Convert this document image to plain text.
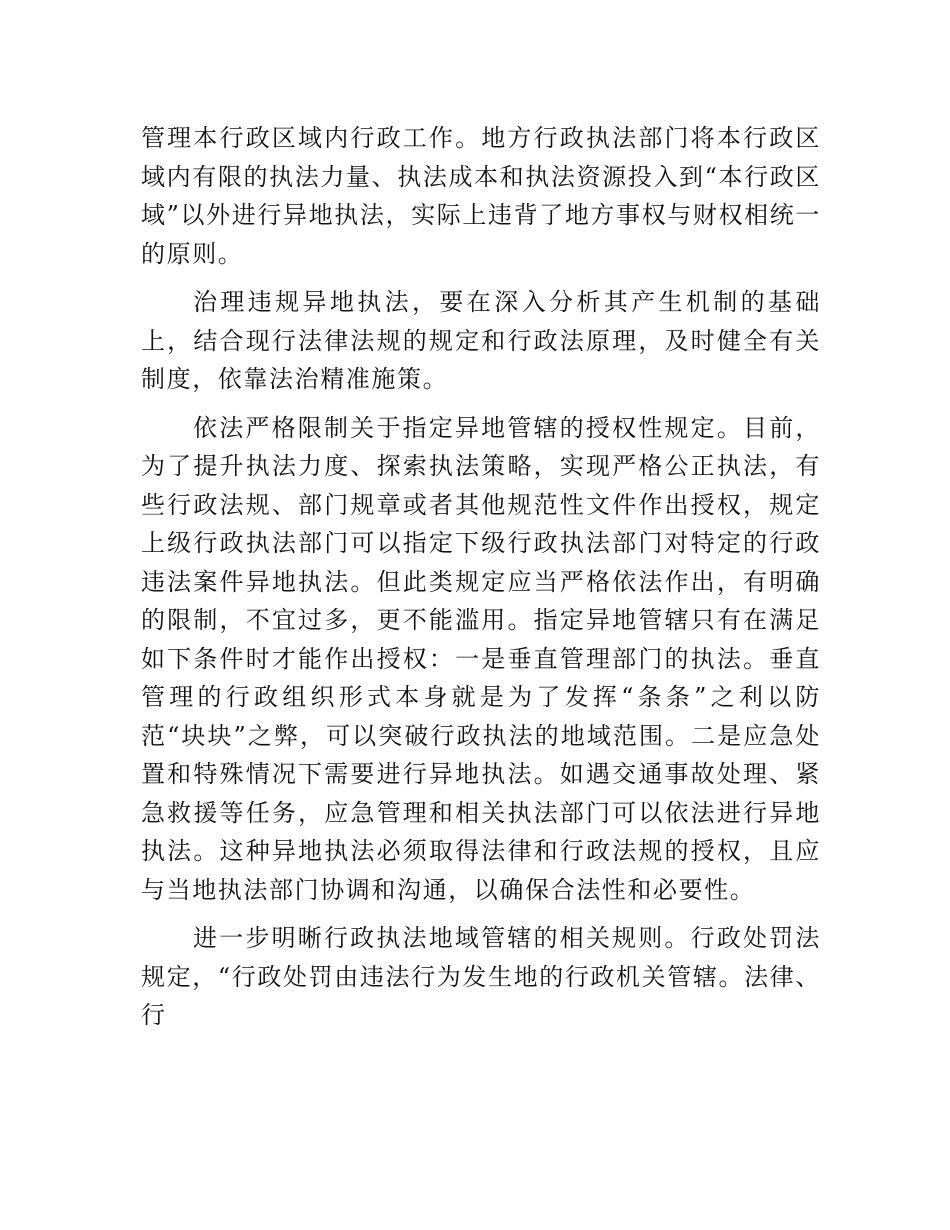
管理本行政区域内行政工作。地方行政执法部门将本行政区域内有限的执法力量、执法成本和执法资源投入到“本行政区域”以外进行异地执法，实际上违背了地方事权与财权相统一的原则。

治理违规异地执法，要在深入分析其产生机制的基础上，结合现行法律法规的规定和行政法原理，及时健全有关制度，依靠法治精准施策。

依法严格限制关于指定异地管辖的授权性规定。目前，为了提升执法力度、探索执法策略，实现严格公正执法，有些行政法规、部门规章或者其他规范性文件作出授权，规定上级行政执法部门可以指定下级行政执法部门对特定的行政违法案件异地执法。但此类规定应当严格依法作出，有明确的限制，不宜过多，更不能滥用。指定异地管辖只有在满足如下条件时才能作出授权：一是垂直管理部门的执法。垂直管理的行政组织形式本身就是为了发挥“条条”之利以防范“块块”之弊，可以突破行政执法的地域范围。二是应急处置和特殊情况下需要进行异地执法。如遇交通事故处理、紧急救援等任务，应急管理和相关执法部门可以依法进行异地执法。这种异地执法必须取得法律和行政法规的授权，且应与当地执法部门协调和沟通，以确保合法性和必要性。

进一步明晰行政执法地域管辖的相关规则。行政处罚法规定，“行政处罚由违法行为发生地的行政机关管辖。法律、行
